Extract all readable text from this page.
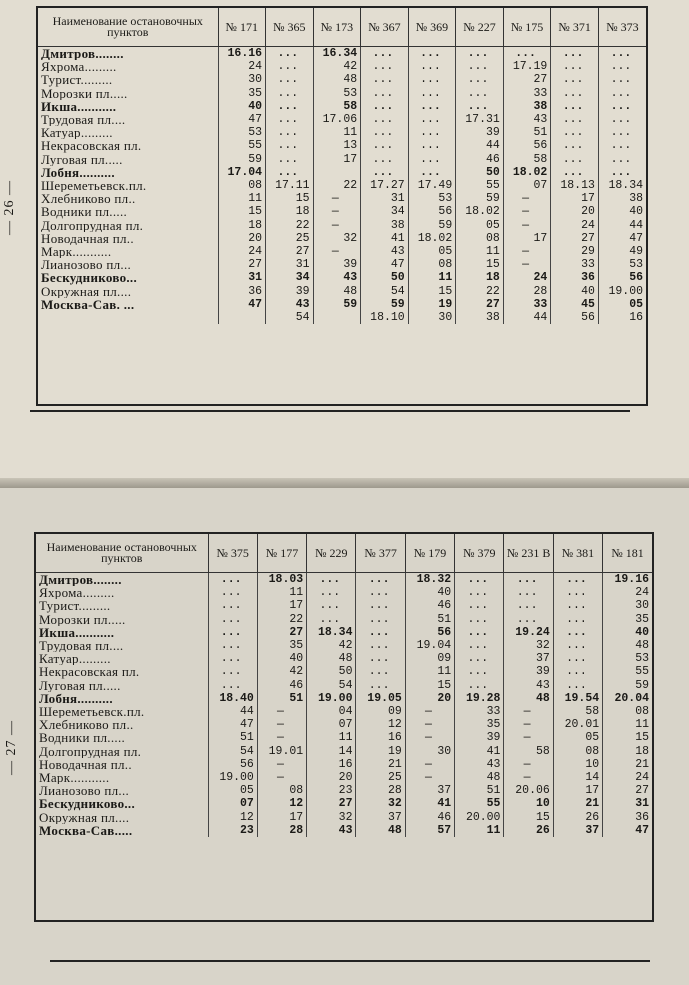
— 26 —
— 27 —
Наименование остановочных пунктов	№ 171	№ 365	№ 173	№ 367	№ 369	№ 227	№ 175	№ 371	№ 373
Дмитров........	16.16	...	16.34	...	...	...	...	...	...
Яхрома.........	24	...	42	...	...	...	17.19	...	...
Турист.........	30	...	48	...	...	...	27	...	...
Морозки пл.....	35	...	53	...	...	...	33	...	...
Икша...........	40	...	58	...	...	...	38	...	...
Трудовая пл....	47	...	17.06	...	...	17.31	43	...	...
Катуар.........	53	...	11	...	...	39	51	...	...
Некрасовская пл.	55	...	13	...	...	44	56	...	...
Луговая пл.....	59	...	17	...	...	46	58	...	...
Лобня..........	17.04	...		...	...	50	18.02	...	...
Шереметьевск.пл.	08	17.11	22	17.27	17.49	55	07	18.13	18.34
Хлебниково пл..	11	15	—	31	53	59	—	17	38
Водники пл.....	15	18	—	34	56	18.02	—	20	40
Долгопрудная пл.	18	22	—	38	59	05	—	24	44
Новодачная пл..	20	25	32	41	18.02	08	17	27	47
Марк...........	24	27	—	43	05	11	—	29	49
Лианозово пл...	27	31	39	47	08	15	—	33	53
Бескудниково...	31	34	43	50	11	18	24	36	56
Окружная пл....	36	39	48	54	15	22	28	40	19.00
Москва-Сав. ...	47	43	59	59	19	27	33	45	05
		54		18.10	30	38	44	56	16
Наименование остановочных пунктов	№ 375	№ 177	№ 229	№ 377	№ 179	№ 379	№ 231 В	№ 381	№ 181
Дмитров........	...	18.03	...	...	18.32	...	...	...	19.16
Яхрома.........	...	11	...	...	40	...	...	...	24
Турист.........	...	17	...	...	46	...	...	...	30
Морозки пл.....	...	22	...	...	51	...	...	...	35
Икша...........	...	27	18.34	...	56	...	19.24	...	40
Трудовая пл....	...	35	42	...	19.04	...	32	...	48
Катуар.........	...	40	48	...	09	...	37	...	53
Некрасовская пл.	...	42	50	...	11	...	39	...	55
Луговая пл.....	...	46	54	...	15	...	43	...	59
Лобня..........	18.40	51	19.00	19.05	20	19.28	48	19.54	20.04
Шереметьевск.пл.	44	—	04	09	—	33	—	58	08
Хлебниково пл..	47	—	07	12	—	35	—	20.01	11
Водники пл.....	51	—	11	16	—	39	—	05	15
Долгопрудная пл.	54	19.01	14	19	30	41	58	08	18
Новодачная пл..	56	—	16	21	—	43	—	10	21
Марк...........	19.00	—	20	25	—	48	—	14	24
Лианозово пл...	05	08	23	28	37	51	20.06	17	27
Бескудниково...	07	12	27	32	41	55	10	21	31
Окружная пл....	12	17	32	37	46	20.00	15	26	36
Москва-Сав.....	23	28	43	48	57	11	26	37	47
